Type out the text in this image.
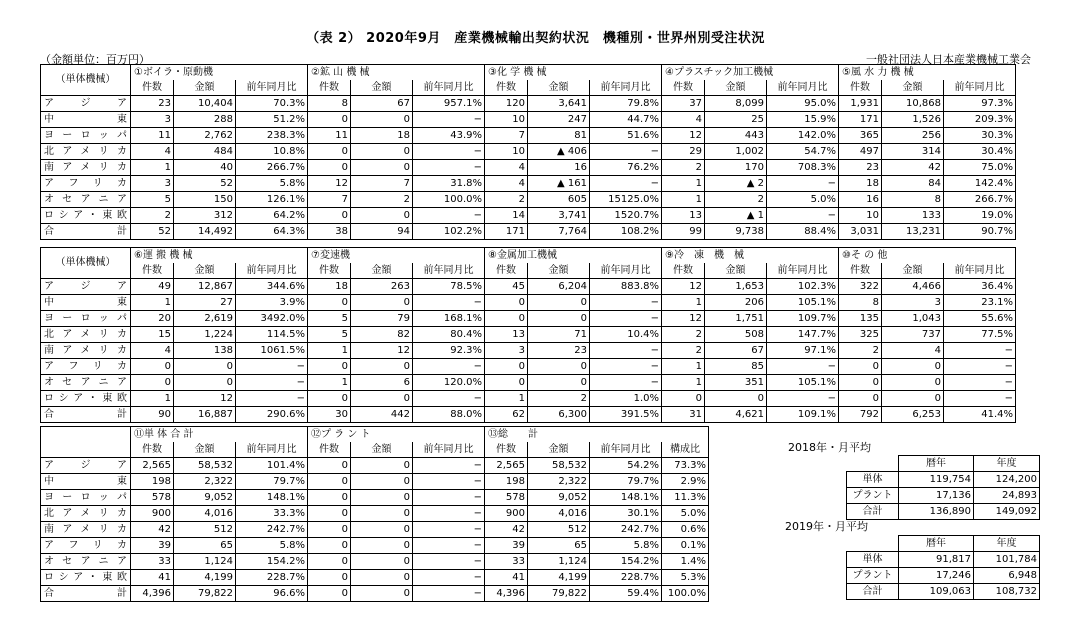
（表 2） 2020年9月　産業機械輸出契約状況　機種別・世界州別受注状況
（金額単位：百万円）	一般社団法人日本産業機械工業会
（単体機械）	①ボイラ・原動機			②鉱 山 機 械			③化 学 機 械			④プラスチック加工機械			⑤風 水 力 機 械		
	件数	金額	前年同月比	件数	金額	前年同月比	件数	金額	前年同月比	件数	金額	前年同月比	件数	金額	前年同月比
ア　ジ　ア	23	10,404	70.3%	8	67	957.1%	120	3,641	79.8%	37	8,099	95.0%	1,931	10,868	97.3%
中　　東	3	288	51.2%	0	0	−	10	247	44.7%	4	25	15.9%	171	1,526	209.3%
ヨーロッパ	11	2,762	238.3%	11	18	43.9%	7	81	51.6%	12	443	142.0%	365	256	30.3%
北アメリカ	4	484	10.8%	0	0	−	10	▲ 406	−	29	1,002	54.7%	497	314	30.4%
南アメリカ	1	40	266.7%	0	0	−	4	16	76.2%	2	170	708.3%	23	42	75.0%
アフリカ	3	52	5.8%	12	7	31.8%	4	▲ 161	−	1	▲ 2	−	18	84	142.4%
オセアニア	5	150	126.1%	7	2	100.0%	2	605	15125.0%	1	2	5.0%	16	8	266.7%
ロシア・東欧	2	312	64.2%	0	0	−	14	3,741	1520.7%	13	▲ 1	−	10	133	19.0%
合　　計	52	14,492	64.3%	38	94	102.2%	171	7,764	108.2%	99	9,738	88.4%	3,031	13,231	90.7%
（単体機械）	⑥運 搬 機 械			⑦変速機			⑧金属加工機械			⑨冷　凍　機　械			⑩そ の 他		
	件数	金額	前年同月比	件数	金額	前年同月比	件数	金額	前年同月比	件数	金額	前年同月比	件数	金額	前年同月比
ア　ジ　ア	49	12,867	344.6%	18	263	78.5%	45	6,204	883.8%	12	1,653	102.3%	322	4,466	36.4%
中　　東	1	27	3.9%	0	0	−	0	0	−	1	206	105.1%	8	3	23.1%
ヨーロッパ	20	2,619	3492.0%	5	79	168.1%	0	0	−	12	1,751	109.7%	135	1,043	55.6%
北アメリカ	15	1,224	114.5%	5	82	80.4%	13	71	10.4%	2	508	147.7%	325	737	77.5%
南アメリカ	4	138	1061.5%	1	12	92.3%	3	23	−	2	67	97.1%	2	4	−
アフリカ	0	0	−	0	0	−	0	0	−	1	85	−	0	0	−
オセアニア	0	0	−	1	6	120.0%	0	0	−	1	351	105.1%	0	0	−
ロシア・東欧	1	12	−	0	0	−	1	2	1.0%	0	0	−	0	0	−
合　　計	90	16,887	290.6%	30	442	88.0%	62	6,300	391.5%	31	4,621	109.1%	792	6,253	41.4%
	⑪単 体 合 計			⑫プ ラ ン ト			⑬総　　計			
	件数	金額	前年同月比	件数	金額	前年同月比	件数	金額	前年同月比	構成比
ア　ジ　ア	2,565	58,532	101.4%	0	0	−	2,565	58,532	54.2%	73.3%
中　　東	198	2,322	79.7%	0	0	−	198	2,322	79.7%	2.9%
ヨーロッパ	578	9,052	148.1%	0	0	−	578	9,052	148.1%	11.3%
北アメリカ	900	4,016	33.3%	0	0	−	900	4,016	30.1%	5.0%
南アメリカ	42	512	242.7%	0	0	−	42	512	242.7%	0.6%
アフリカ	39	65	5.8%	0	0	−	39	65	5.8%	0.1%
オセアニア	33	1,124	154.2%	0	0	−	33	1,124	154.2%	1.4%
ロシア・東欧	41	4,199	228.7%	0	0	−	41	4,199	228.7%	5.3%
合　　計	4,396	79,822	96.6%	0	0	−	4,396	79,822	59.4%	100.0%
2018年・月平均
	暦年	年度
単体	119,754	124,200
プラント	17,136	24,893
合計	136,890	149,092
2019年・月平均
	暦年	年度
単体	91,817	101,784
プラント	17,246	6,948
合計	109,063	108,732
